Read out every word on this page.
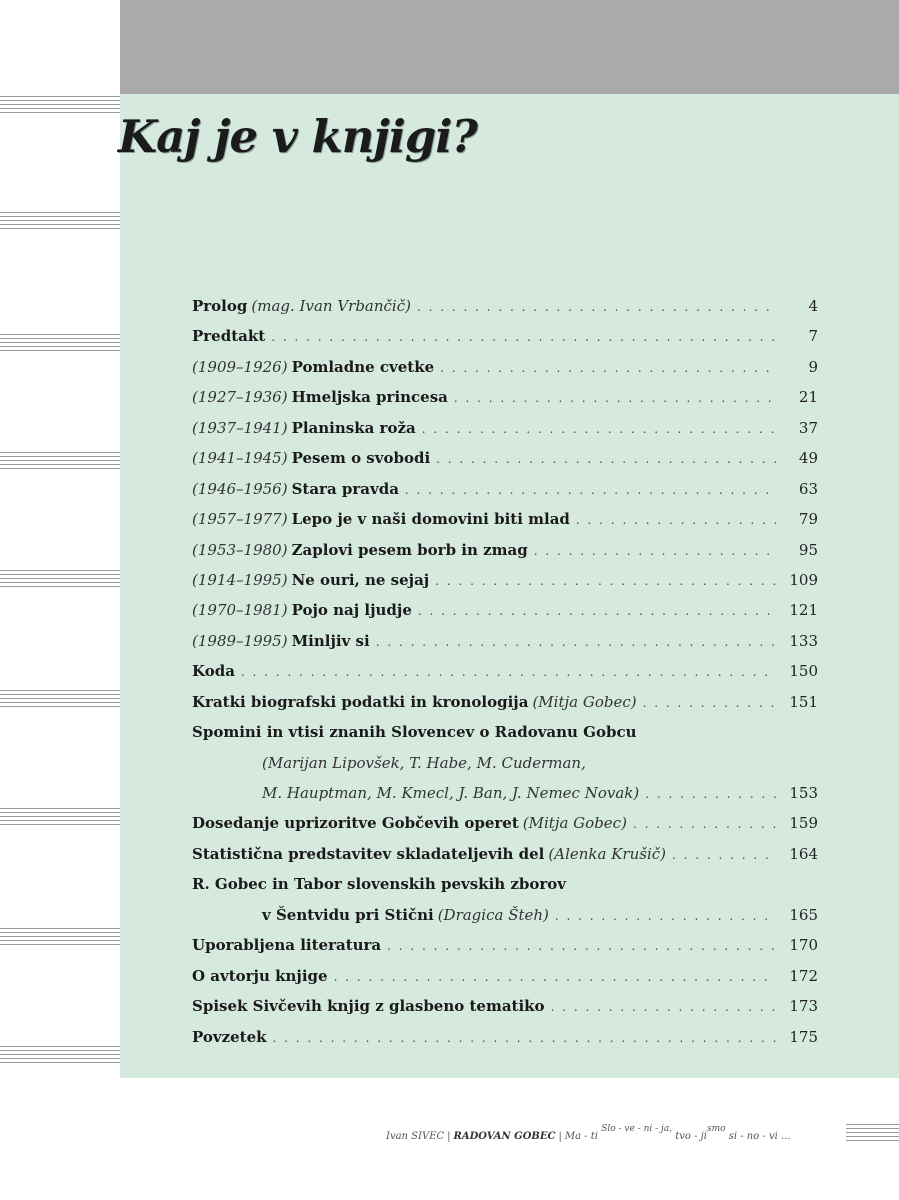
Kaj je v knjigi?
Prolog (mag. Ivan Vrbančič) . . .	4
Predtakt . . .	7
(1909–1926) Pomladne cvetke . . .	9
(1927–1936) Hmeljska princesa . . .	21
(1937–1941) Planinska roža . . .	37
(1941–1945) Pesem o svobodi . . .	49
(1946–1956) Stara pravda . . .	63
(1957–1977) Lepo je v naši domovini biti mlad . . .	79
(1953–1980) Zaplovi pesem borb in zmag . . .	95
(1914–1995) Ne ouri, ne sejaj . . .	109
(1970–1981) Pojo naj ljudje . . .	121
(1989–1995) Minljiv si . . .	133
Koda . . .	150
Kratki biografski podatki in kronologija (Mitja Gobec) . . .	151
Spomini in vtisi znanih Slovencev o Radovanu Gobcu
(Marijan Lipovšek, T. Habe, M. Cuderman,
M. Hauptman, M. Kmecl, J. Ban, J. Nemec Novak) . . .	153
Dosedanje uprizoritve Gobčevih operet (Mitja Gobec) . . .	159
Statistična predstavitev skladateljevih del (Alenka Krušič) . . .	164
R. Gobec in Tabor slovenskih pevskih zborov
v Šentvidu pri Stični (Dragica Šteh) . . .	165
Uporabljena literatura . . .	170
O avtorju knjige . . .	172
Spisek Sivčevih knjig z glasbeno tematiko . . .	173
Povzetek . . .	175
Ivan SIVEC | RADOVAN GOBEC | Ma - ti $^{Slo - ve - ni - ja,}$ tvo - $ji^{smo}$ si - no - vi ...
